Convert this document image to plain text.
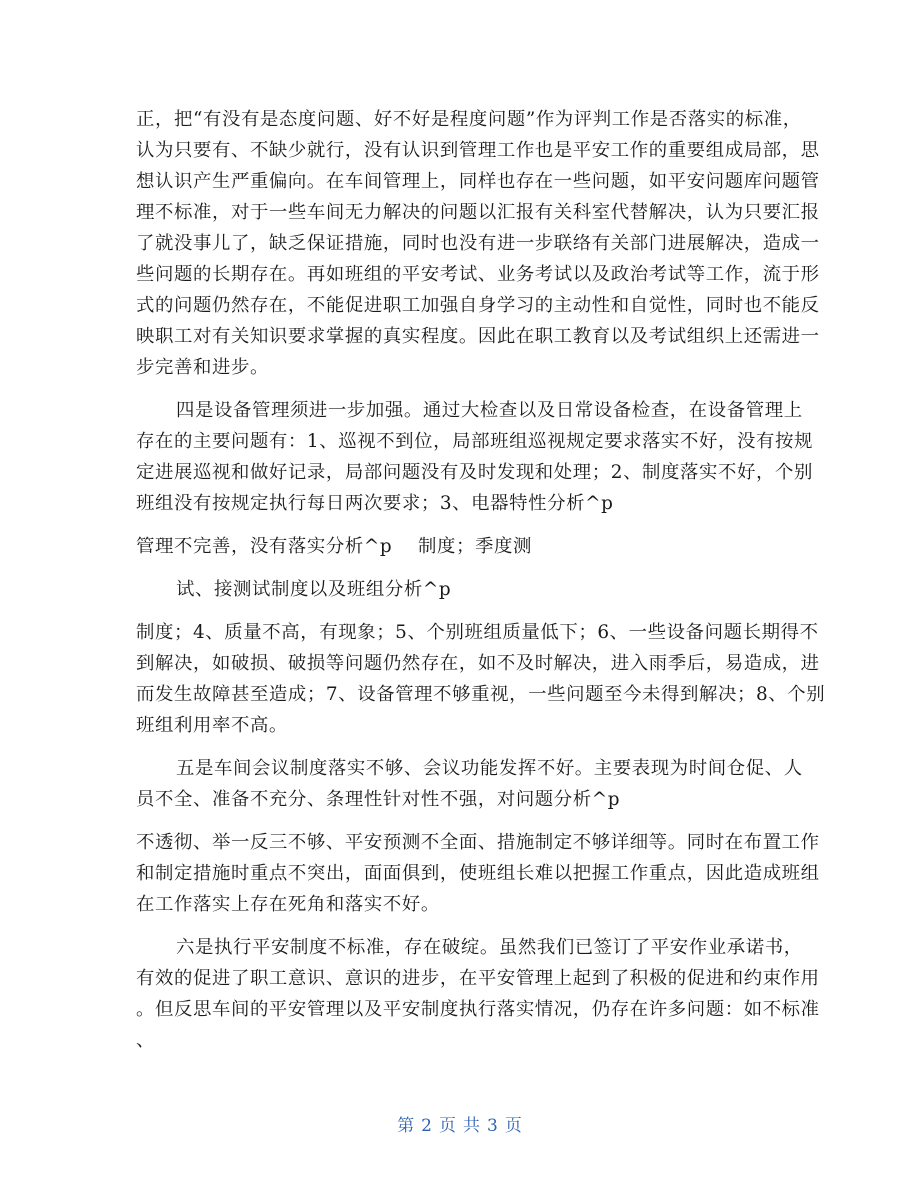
正，把“有没有是态度问题、好不好是程度问题”作为评判工作是否落实的标准，
认为只要有、不缺少就行，没有认识到管理工作也是平安工作的重要组成局部，思
想认识产生严重偏向。在车间管理上，同样也存在一些问题，如平安问题库问题管
理不标准，对于一些车间无力解决的问题以汇报有关科室代替解决，认为只要汇报
了就没事儿了，缺乏保证措施，同时也没有进一步联络有关部门进展解决，造成一
些问题的长期存在。再如班组的平安考试、业务考试以及政治考试等工作，流于形
式的问题仍然存在，不能促进职工加强自身学习的主动性和自觉性，同时也不能反
映职工对有关知识要求掌握的真实程度。因此在职工教育以及考试组织上还需进一
步完善和进步。
四是设备管理须进一步加强。通过大检查以及日常设备检查，在设备管理上
存在的主要问题有：1、巡视不到位，局部班组巡视规定要求落实不好，没有按规
定进展巡视和做好记录，局部问题没有及时发现和处理；2、制度落实不好，个别
班组没有按规定执行每日两次要求；3、电器特性分析^p
管理不完善，没有落实分析^p    制度；季度测
试、接测试制度以及班组分析^p
制度；4、质量不高，有现象；5、个别班组质量低下；6、一些设备问题长期得不
到解决，如破损、破损等问题仍然存在，如不及时解决，进入雨季后，易造成，进
而发生故障甚至造成；7、设备管理不够重视，一些问题至今未得到解决；8、个别
班组利用率不高。
五是车间会议制度落实不够、会议功能发挥不好。主要表现为时间仓促、人
员不全、准备不充分、条理性针对性不强，对问题分析^p
不透彻、举一反三不够、平安预测不全面、措施制定不够详细等。同时在布置工作
和制定措施时重点不突出，面面俱到，使班组长难以把握工作重点，因此造成班组
在工作落实上存在死角和落实不好。
六是执行平安制度不标准，存在破绽。虽然我们已签订了平安作业承诺书，
有效的促进了职工意识、意识的进步，在平安管理上起到了积极的促进和约束作用
。但反思车间的平安管理以及平安制度执行落实情况，仍存在许多问题：如不标准
、
第 2 页 共 3 页
